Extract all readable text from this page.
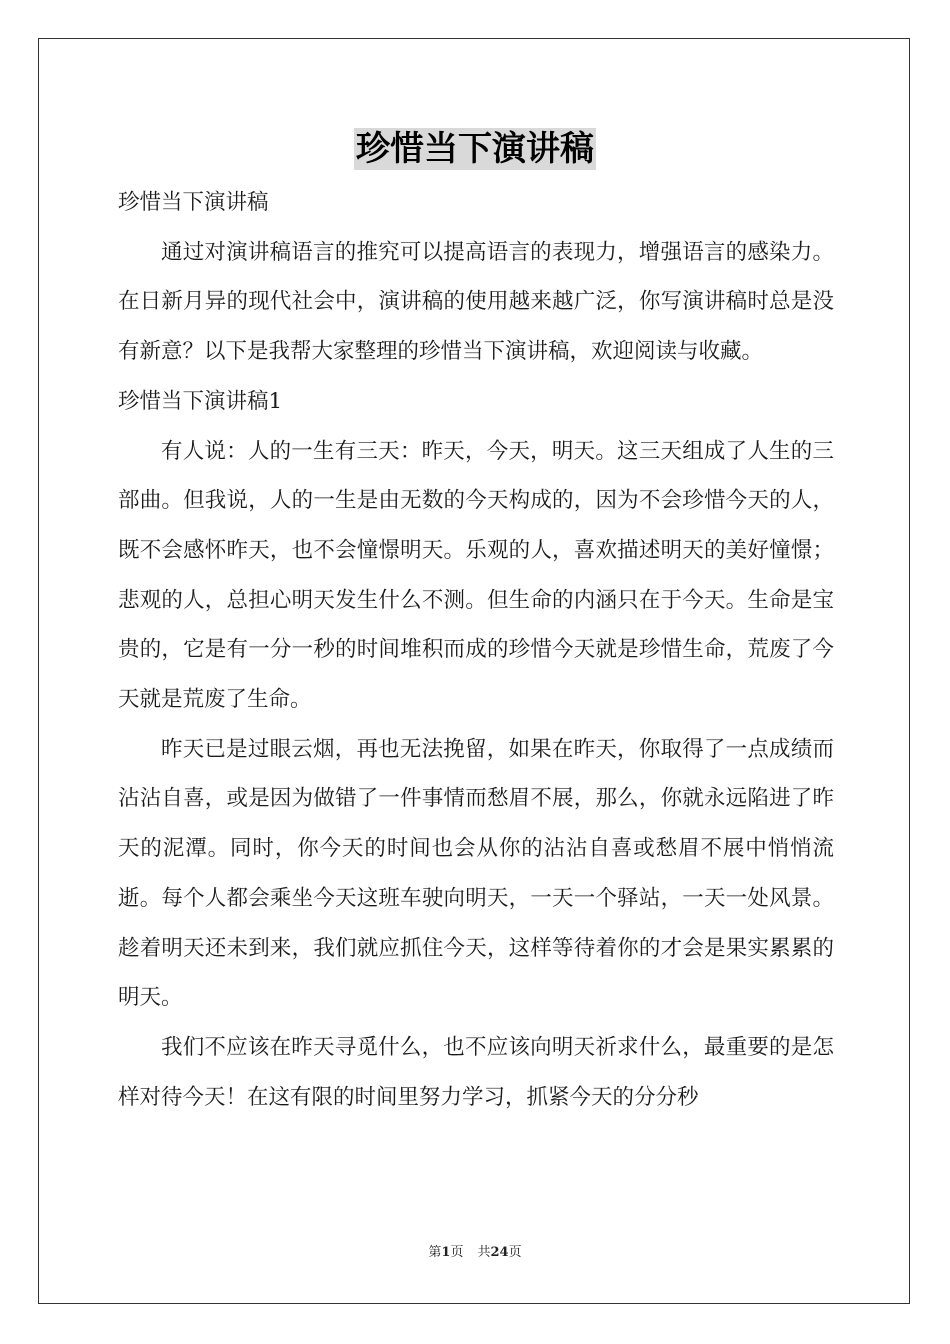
珍惜当下演讲稿

珍惜当下演讲稿

通过对演讲稿语言的推究可以提高语言的表现力，增强语言的感染力。在日新月异的现代社会中，演讲稿的使用越来越广泛，你写演讲稿时总是没有新意？以下是我帮大家整理的珍惜当下演讲稿，欢迎阅读与收藏。

珍惜当下演讲稿1

有人说：人的一生有三天：昨天，今天，明天。这三天组成了人生的三部曲。但我说，人的一生是由无数的今天构成的，因为不会珍惜今天的人，既不会感怀昨天，也不会憧憬明天。乐观的人，喜欢描述明天的美好憧憬；悲观的人，总担心明天发生什么不测。但生命的内涵只在于今天。生命是宝贵的，它是有一分一秒的时间堆积而成的珍惜今天就是珍惜生命，荒废了今天就是荒废了生命。

昨天已是过眼云烟，再也无法挽留，如果在昨天，你取得了一点成绩而沾沾自喜，或是因为做错了一件事情而愁眉不展，那么，你就永远陷进了昨天的泥潭。同时，你今天的时间也会从你的沾沾自喜或愁眉不展中悄悄流逝。每个人都会乘坐今天这班车驶向明天，一天一个驿站，一天一处风景。趁着明天还未到来，我们就应抓住今天，这样等待着你的才会是果实累累的明天。

我们不应该在昨天寻觅什么，也不应该向明天祈求什么，最重要的是怎样对待今天！在这有限的时间里努力学习，抓紧今天的分分秒

第1页 共24页
